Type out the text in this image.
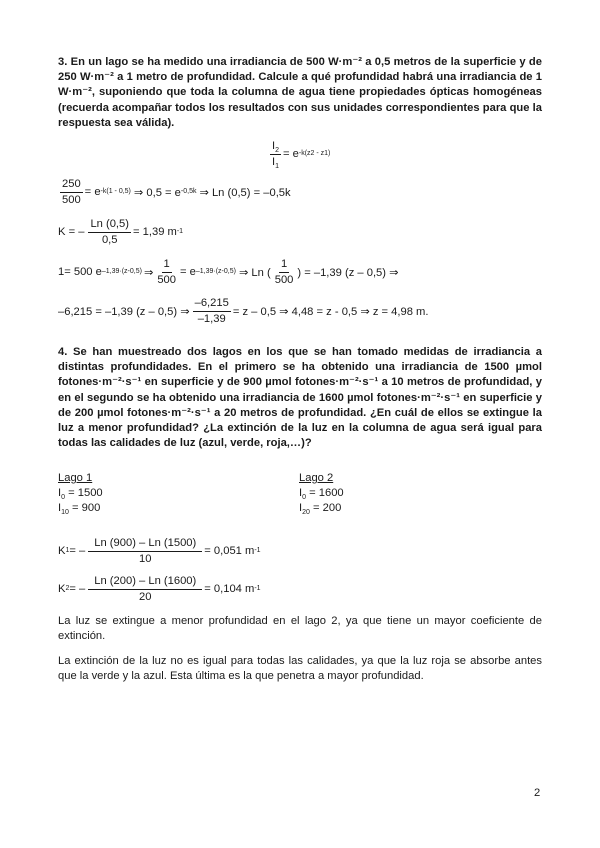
3. En un lago se ha medido una irradiancia de 500 W·m⁻² a 0,5 metros de la superficie y de 250 W·m⁻² a 1 metro de profundidad. Calcule a qué profundidad habrá una irradiancia de 1 W·m⁻², suponiendo que toda la columna de agua tiene propiedades ópticas homogéneas (recuerda acompañar todos los resultados con sus unidades correspondientes para que la respuesta sea válida).
$\frac{I_2}{I_1} = e$ -k(z2 - z1)
$\frac{250}{500} = e$ -k(1 - 0,5) ⇒ 0,5 = e -0,5k ⇒ Ln (0,5) = –0,5k
K = – $\frac{Ln (0,5)}{0,5} = 1,39$ m -1
1= 500 e –1,39·(z-0,5) ⇒ $\frac{1}{500} = e$ –1,39·(z-0,5) ⇒ Ln ( $\frac{1}{500}$ ) = –1,39 (z – 0,5) ⇒
–6,215 = –1,39 (z – 0,5) ⇒ $\frac{-6,215}{-1,39} = z - 0,5$ ⇒ 4,48 = z - 0,5 ⇒ z = 4,98 m.
4. Se han muestreado dos lagos en los que se han tomado medidas de irradiancia a distintas profundidades. En el primero se ha obtenido una irradiancia de 1500 µmol fotones·m⁻²·s⁻¹ en superficie y de 900 µmol fotones·m⁻²·s⁻¹ a 10 metros de profundidad, y en el segundo se ha obtenido una irradiancia de 1600 µmol fotones·m⁻²·s⁻¹ en superficie y de 200 µmol fotones·m⁻²·s⁻¹ a 20 metros de profundidad. ¿En cuál de ellos se extingue la luz a menor profundidad? ¿La extinción de la luz en la columna de agua será igual para todas las calidades de luz (azul, verde, roja,…)?
Lago 1
$I_0 = 1500$
$I_{10} = 900$
Lago 2
$I_0 = 1600$
$I_{20} = 200$
K 1 = – $\frac{Ln (900) - Ln (1500)}{10} = 0,051$ m -1
K 2 = – $\frac{Ln (200) - Ln (1600)}{20} = 0,104$ m -1
La luz se extingue a menor profundidad en el lago 2, ya que tiene un mayor coeficiente de extinción.
La extinción de la luz no es igual para todas las calidades, ya que la luz roja se absorbe antes que la verde y la azul. Esta última es la que penetra a mayor profundidad.
2
